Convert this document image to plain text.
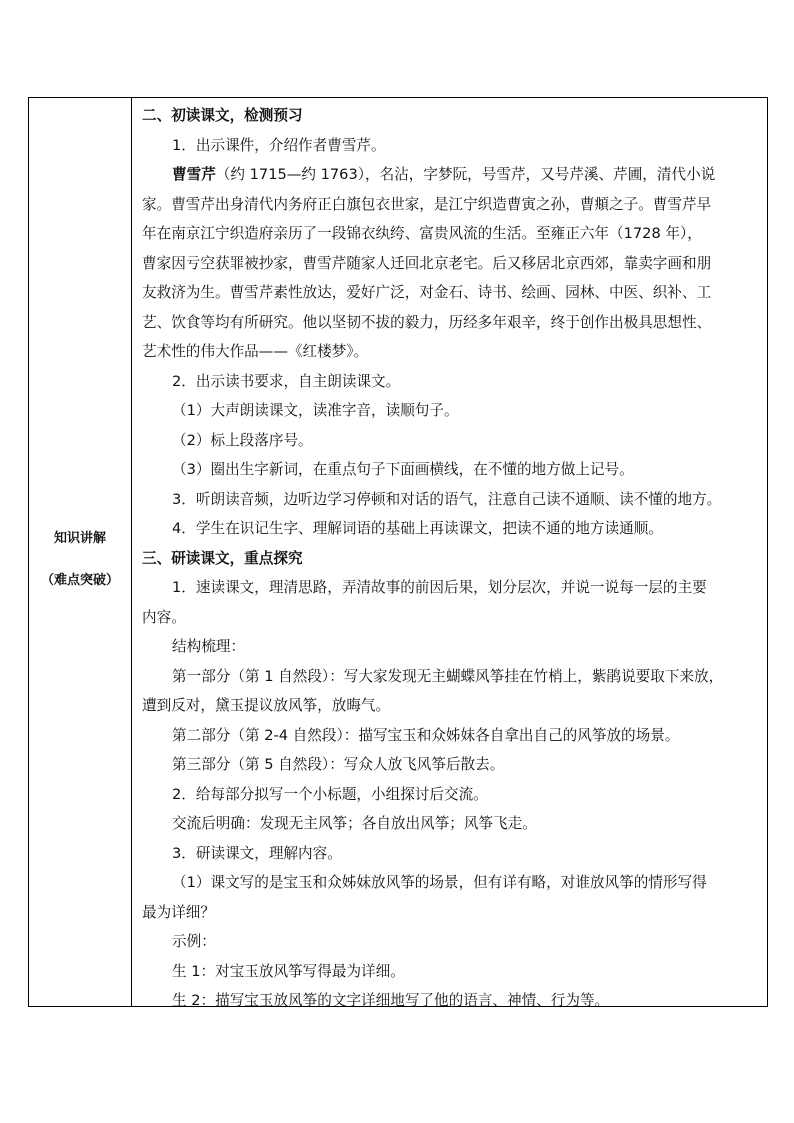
知识讲解
（难点突破）

二、初读课文，检测预习

1．出示课件，介绍作者曹雪芹。

曹雪芹（约 1715—约 1763），名沾，字梦阮，号雪芹，又号芹溪、芹圃，清代小说

家。曹雪芹出身清代内务府正白旗包衣世家，是江宁织造曹寅之孙，曹頫之子。曹雪芹早

年在南京江宁织造府亲历了一段锦衣纨绔、富贵风流的生活。至雍正六年（1728 年），

曹家因亏空获罪被抄家，曹雪芹随家人迁回北京老宅。后又移居北京西郊，靠卖字画和朋

友救济为生。曹雪芹素性放达，爱好广泛，对金石、诗书、绘画、园林、中医、织补、工

艺、饮食等均有所研究。他以坚韧不拔的毅力，历经多年艰辛，终于创作出极具思想性、

艺术性的伟大作品——《红楼梦》。

2．出示读书要求，自主朗读课文。

（1）大声朗读课文，读准字音，读顺句子。

（2）标上段落序号。

（3）圈出生字新词，在重点句子下面画横线，在不懂的地方做上记号。

3．听朗读音频，边听边学习停顿和对话的语气，注意自己读不通顺、读不懂的地方。

4．学生在识记生字、理解词语的基础上再读课文，把读不通的地方读通顺。

三、研读课文，重点探究

1．速读课文，理清思路，弄清故事的前因后果，划分层次，并说一说每一层的主要

内容。

结构梳理：

第一部分（第 1 自然段）：写大家发现无主蝴蝶风筝挂在竹梢上，紫鹃说要取下来放，

遭到反对，黛玉提议放风筝，放晦气。

第二部分（第 2-4 自然段）：描写宝玉和众姊妹各自拿出自己的风筝放的场景。

第三部分（第 5 自然段）：写众人放飞风筝后散去。

2．给每部分拟写一个小标题，小组探讨后交流。

交流后明确：发现无主风筝；各自放出风筝；风筝飞走。

3．研读课文，理解内容。

（1）课文写的是宝玉和众姊妹放风筝的场景，但有详有略，对谁放风筝的情形写得

最为详细？

示例：

生 1：对宝玉放风筝写得最为详细。

生 2：描写宝玉放风筝的文字详细地写了他的语言、神情、行为等。
